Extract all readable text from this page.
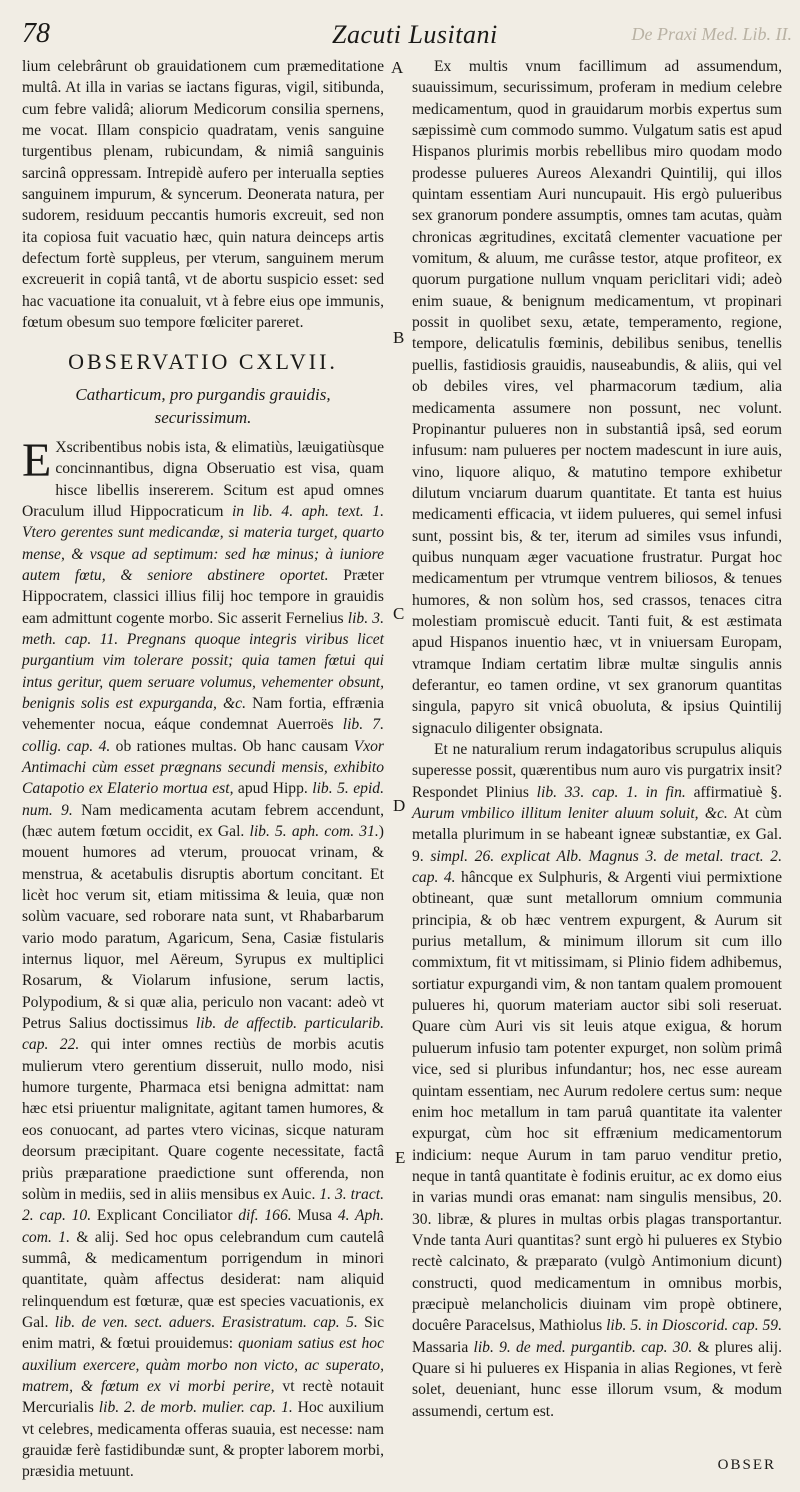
78	Zacuti Lusitani	De Praxi Med. Lib. II.

lium celebrârunt ob grauidationem cum præmeditatione multâ. At illa in varias se iactans figuras, vigil, sitibunda, cum febre validâ; aliorum Medicorum consilia spernens, me vocat. Illam conspicio quadratam, venis sanguine turgentibus plenam, rubicundam, & nimiâ sanguinis sarcinâ oppressam. Intrepidè aufero per interualla septies sanguinem impurum, & syncerum. Deonerata natura, per sudorem, residuum peccantis humoris excreuit, sed non ita copiosa fuit vacuatio hæc, quin natura deinceps artis defectum fortè suppleus, per vterum, sanguinem merum excreuerit in copiâ tantâ, vt de abortu suspicio esset: sed hac vacuatione ita conualuit, vt à febre eius ope immunis, fœtum obesum suo tempore fœliciter pareret.

OBSERVATIO CXLVII.
Catharticum, pro purgandis grauidis,
securissimum.

E Xscribentibus nobis ista, & elimatiùs, læuigatiùsque concinnantibus, digna Obseruatio est visa, quam hisce libellis insererem. Scitum est apud omnes Oraculum illud Hippocraticum in lib. 4. aph. text. 1. Vtero gerentes sunt medicandæ, si materia turget, quarto mense, & vsque ad septimum: sed hæ minus; à iuniore autem fœtu, & seniore abstinere oportet. Præter Hippocratem, classici illius filij hoc tempore in grauidis eam admittunt cogente morbo. Sic asserit Fernelius lib. 3. meth. cap. 11. Pregnans quoque integris viribus licet purgantium vim tolerare possit; quia tamen fœtui qui intus geritur, quem seruare volumus, vehementer obsunt, benignis solis est expurganda, &c. Nam fortia, effrænia vehementer nocua, eáque condemnat Auerroës lib. 7. collig. cap. 4. ob rationes multas. Ob hanc causam Vxor Antimachi cùm esset prægnans secundi mensis, exhibito Catapotio ex Elaterio mortua est, apud Hipp. lib. 5. epid. num. 9. Nam medicamenta acutam febrem accendunt, (hæc autem fœtum occidit, ex Gal. lib. 5. aph. com. 31.) mouent humores ad vterum, prouocat vrinam, & menstrua, & acetabulis disruptis abortum concitant. Et licèt hoc verum sit, etiam mitissima & leuia, quæ non solùm vacuare, sed roborare nata sunt, vt Rhabarbarum vario modo paratum, Agaricum, Sena, Casiæ fistularis internus liquor, mel Aëreum, Syrupus ex multiplici Rosarum, & Violarum infusione, serum lactis, Polypodium, & si quæ alia, periculo non vacant: adeò vt Petrus Salius doctissimus lib. de affectib. particularib. cap. 22. qui inter omnes rectiùs de morbis acutis mulierum vtero gerentium disseruit, nullo modo, nisi humore turgente, Pharmaca etsi benigna admittat: nam hæc etsi priuentur malignitate, agitant tamen humores, & eos conuocant, ad partes vtero vicinas, sicque naturam deorsum præcipitant. Quare cogente necessitate, factâ priùs præparatione praedictione sunt offerenda, non solùm in mediis, sed in aliis mensibus ex Auic. 1. 3. tract. 2. cap. 10. Explicant Conciliator dif. 166. Musa 4. Aph. com. 1. & alij. Sed hoc opus celebrandum cum cautelâ summâ, & medicamentum porrigendum in minori quantitate, quàm affectus desiderat: nam aliquid relinquendum est fœturæ, quæ est species vacuationis, ex Gal. lib. de ven. sect. aduers. Erasistratum. cap. 5. Sic enim matri, & fœtui prouidemus: quoniam satius est hoc auxilium exercere, quàm morbo non victo, ac superato, matrem, & fœtum ex vi morbi perire, vt rectè notauit Mercurialis lib. 2. de morb. mulier. cap. 1. Hoc auxilium vt celebres, medicamenta offeras suauia, est necesse: nam grauidæ ferè fastidibundæ sunt, & propter laborem morbi, præsidia metuunt.

A
B
C
D
E

Ex multis vnum facillimum ad assumendum, suauissimum, securissimum, proferam in medium celebre medicamentum, quod in grauidarum morbis expertus sum sæpissimè cum commodo summo. Vulgatum satis est apud Hispanos plurimis morbis rebellibus miro quodam modo prodesse pulueres Aureos Alexandri Quintilij, qui illos quintam essentiam Auri nuncupauit. His ergò pulueribus sex granorum pondere assumptis, omnes tam acutas, quàm chronicas ægritudines, excitatâ clementer vacuatione per vomitum, & aluum, me curâsse testor, atque profiteor, ex quorum purgatione nullum vnquam periclitari vidi; adeò enim suaue, & benignum medicamentum, vt propinari possit in quolibet sexu, ætate, temperamento, regione, tempore, delicatulis fœminis, debilibus senibus, tenellis puellis, fastidiosis grauidis, nauseabundis, & aliis, qui vel ob debiles vires, vel pharmacorum tædium, alia medicamenta assumere non possunt, nec volunt. Propinantur pulueres non in substantiâ ipsâ, sed eorum infusum: nam pulueres per noctem madescunt in iure auis, vino, liquore aliquo, & matutino tempore exhibetur dilutum vnciarum duarum quantitate. Et tanta est huius medicamenti efficacia, vt iidem pulueres, qui semel infusi sunt, possint bis, & ter, iterum ad similes vsus infundi, quibus nunquam æger vacuatione frustratur. Purgat hoc medicamentum per vtrumque ventrem biliosos, & tenues humores, & non solùm hos, sed crassos, tenaces citra molestiam promiscuè educit. Tanti fuit, & est æstimata apud Hispanos inuentio hæc, vt in vniuersam Europam, vtramque Indiam certatim libræ multæ singulis annis deferantur, eo tamen ordine, vt sex granorum quantitas singula, papyro sit vnicâ obuoluta, & ipsius Quintilij signaculo diligenter obsignata.

Et ne naturalium rerum indagatoribus scrupulus aliquis superesse possit, quærentibus num auro vis purgatrix insit? Respondet Plinius lib. 33. cap. 1. in fin. affirmatiuè §. Aurum vmbilico illitum leniter aluum soluit, &c. At cùm metalla plurimum in se habeant igneæ substantiæ, ex Gal. 9. simpl. 26. explicat Alb. Magnus 3. de metal. tract. 2. cap. 4. hâncque ex Sulphuris, & Argenti viui permixtione obtineant, quæ sunt metallorum omnium communia principia, & ob hæc ventrem expurgent, & Aurum sit purius metallum, & minimum illorum sit cum illo commixtum, fit vt mitissimam, si Plinio fidem adhibemus, sortiatur expurgandi vim, & non tantam qualem promouent pulueres hi, quorum materiam auctor sibi soli reseruat. Quare cùm Auri vis sit leuis atque exigua, & horum puluerum infusio tam potenter expurget, non solùm primâ vice, sed si pluribus infundantur; hos, nec esse auream quintam essentiam, nec Aurum redolere certus sum: neque enim hoc metallum in tam paruâ quantitate ita valenter expurgat, cùm hoc sit effrænium medicamentorum indicium: neque Aurum in tam paruo venditur pretio, neque in tantâ quantitate è fodinis eruitur, ac ex domo eius in varias mundi oras emanat: nam singulis mensibus, 20. 30. libræ, & plures in multas orbis plagas transportantur. Vnde tanta Auri quantitas? sunt ergò hi pulueres ex Stybio rectè calcinato, & præparato (vulgò Antimonium dicunt) constructi, quod medicamentum in omnibus morbis, præcipuè melancholicis diuinam vim propè obtinere, docuêre Paracelsus, Mathiolus lib. 5. in Dioscorid. cap. 59. Massaria lib. 9. de med. purgantib. cap. 30. & plures alij. Quare si hi pulueres ex Hispania in alias Regiones, vt ferè solet, deueniant, hunc esse illorum vsum, & modum assumendi, certum est.

OBSER
